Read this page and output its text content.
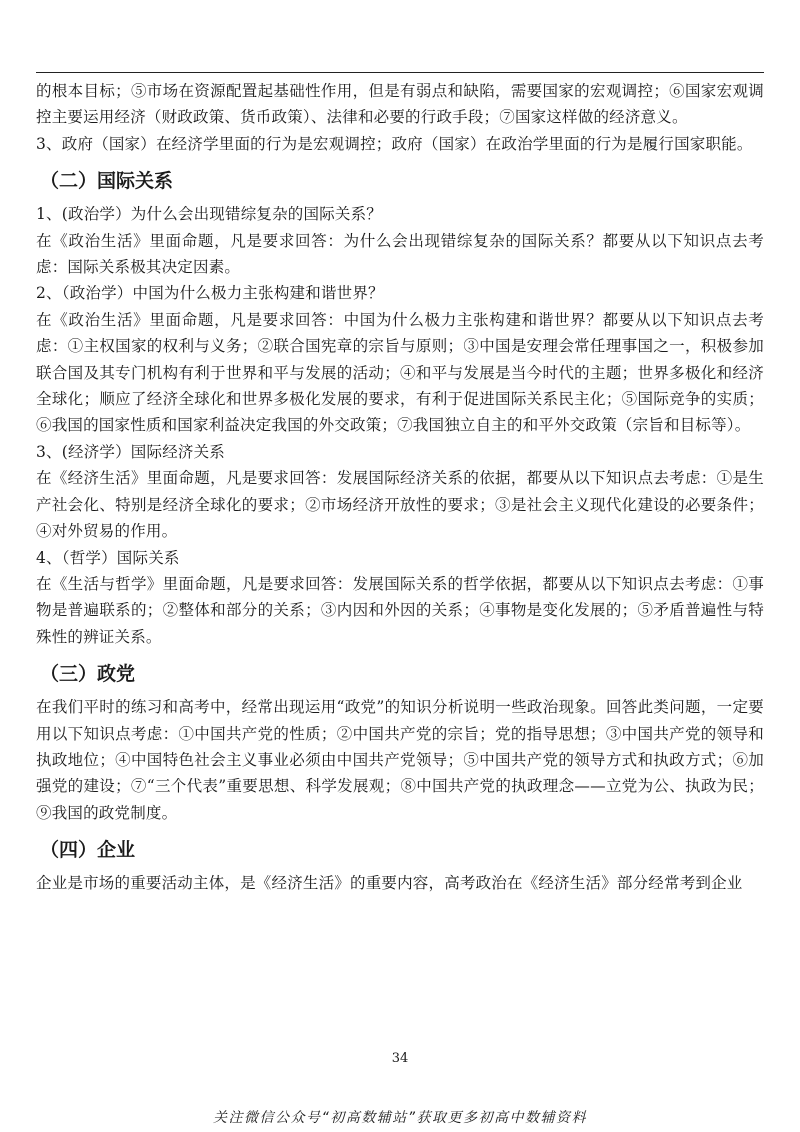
的根本目标；⑤市场在资源配置起基础性作用，但是有弱点和缺陷，需要国家的宏观调控；⑥国家宏观调控主要运用经济（财政政策、货币政策）、法律和必要的行政手段；⑦国家这样做的经济意义。

3、政府（国家）在经济学里面的行为是宏观调控；政府（国家）在政治学里面的行为是履行国家职能。

（二）国际关系

1、(政治学）为什么会出现错综复杂的国际关系？

在《政治生活》里面命题，凡是要求回答：为什么会出现错综复杂的国际关系？都要从以下知识点去考虑：国际关系极其决定因素。

2、（政治学）中国为什么极力主张构建和谐世界？

在《政治生活》里面命题，凡是要求回答：中国为什么极力主张构建和谐世界？都要从以下知识点去考虑：①主权国家的权利与义务；②联合国宪章的宗旨与原则；③中国是安理会常任理事国之一，积极参加联合国及其专门机构有利于世界和平与发展的活动；④和平与发展是当今时代的主题；世界多极化和经济全球化；顺应了经济全球化和世界多极化发展的要求，有利于促进国际关系民主化；⑤国际竞争的实质；⑥我国的国家性质和国家利益决定我国的外交政策；⑦我国独立自主的和平外交政策（宗旨和目标等）。

3、(经济学）国际经济关系

在《经济生活》里面命题，凡是要求回答：发展国际经济关系的依据，都要从以下知识点去考虑：①是生产社会化、特别是经济全球化的要求；②市场经济开放性的要求；③是社会主义现代化建设的必要条件；④对外贸易的作用。

4、（哲学）国际关系

在《生活与哲学》里面命题，凡是要求回答：发展国际关系的哲学依据，都要从以下知识点去考虑：①事物是普遍联系的；②整体和部分的关系；③内因和外因的关系；④事物是变化发展的；⑤矛盾普遍性与特殊性的辨证关系。

（三）政党

在我们平时的练习和高考中，经常出现运用“政党”的知识分析说明一些政治现象。回答此类问题，一定要用以下知识点考虑：①中国共产党的性质；②中国共产党的宗旨；党的指导思想；③中国共产党的领导和执政地位；④中国特色社会主义事业必须由中国共产党领导；⑤中国共产党的领导方式和执政方式；⑥加强党的建设；⑦“三个代表”重要思想、科学发展观；⑧中国共产党的执政理念——立党为公、执政为民；⑨我国的政党制度。

（四）企业

企业是市场的重要活动主体，是《经济生活》的重要内容，高考政治在《经济生活》部分经常考到企业

34
关注微信公众号“初高数辅站”获取更多初高中数辅资料
